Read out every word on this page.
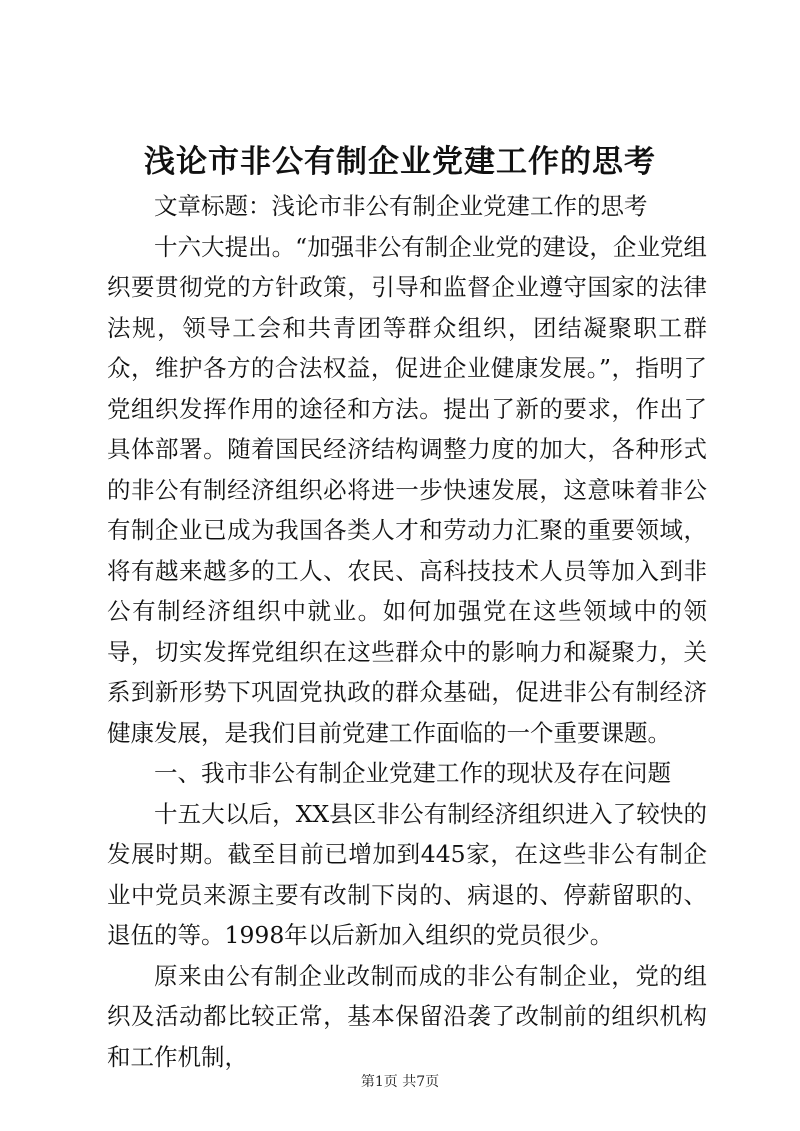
浅论市非公有制企业党建工作的思考

文章标题：浅论市非公有制企业党建工作的思考

十六大提出。“加强非公有制企业党的建设，企业党组织要贯彻党的方针政策，引导和监督企业遵守国家的法律法规，领导工会和共青团等群众组织，团结凝聚职工群众，维护各方的合法权益，促进企业健康发展。”，指明了党组织发挥作用的途径和方法。提出了新的要求，作出了具体部署。随着国民经济结构调整力度的加大，各种形式的非公有制经济组织必将进一步快速发展，这意味着非公有制企业已成为我国各类人才和劳动力汇聚的重要领域，将有越来越多的工人、农民、高科技技术人员等加入到非公有制经济组织中就业。如何加强党在这些领域中的领导，切实发挥党组织在这些群众中的影响力和凝聚力，关系到新形势下巩固党执政的群众基础，促进非公有制经济健康发展，是我们目前党建工作面临的一个重要课题。

一、我市非公有制企业党建工作的现状及存在问题

十五大以后，XX县区非公有制经济组织进入了较快的发展时期。截至目前已增加到445家，在这些非公有制企业中党员来源主要有改制下岗的、病退的、停薪留职的、退伍的等。1998年以后新加入组织的党员很少。

原来由公有制企业改制而成的非公有制企业，党的组织及活动都比较正常，基本保留沿袭了改制前的组织机构和工作机制，

第1页 共7页
